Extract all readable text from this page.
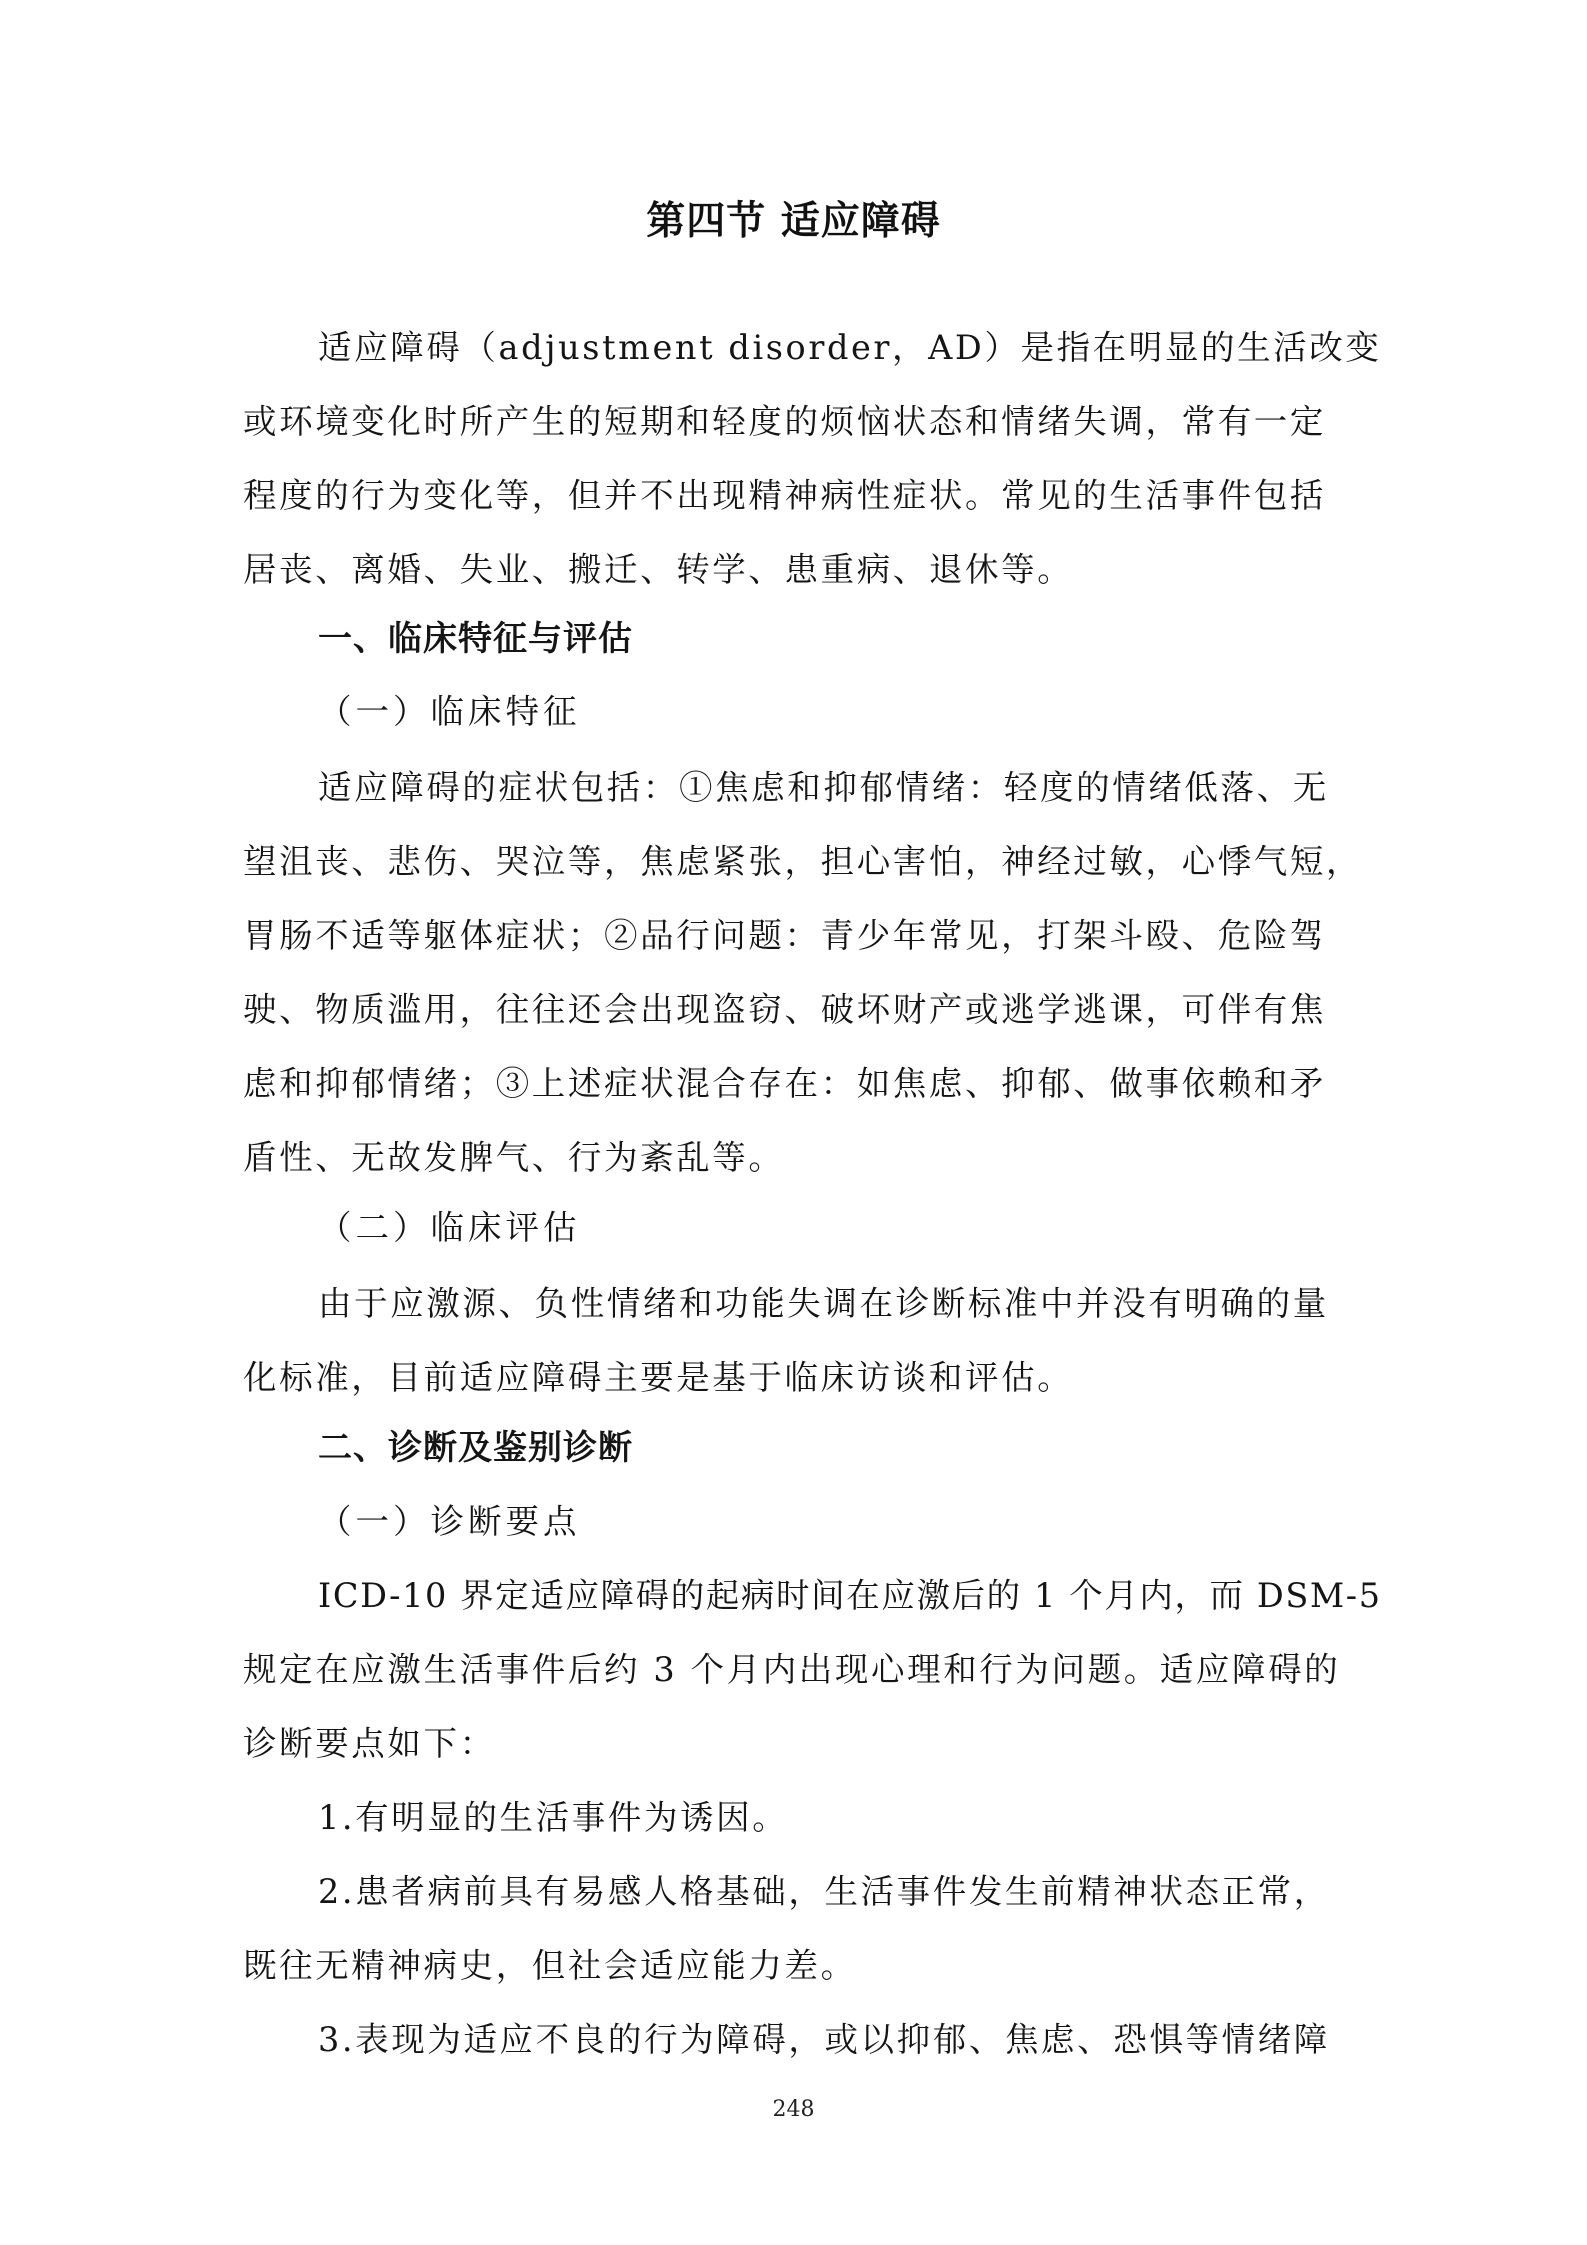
第四节 适应障碍
适应障碍（adjustment disorder，AD）是指在明显的生活改变
或环境变化时所产生的短期和轻度的烦恼状态和情绪失调，常有一定
程度的行为变化等，但并不出现精神病性症状。常见的生活事件包括
居丧、离婚、失业、搬迁、转学、患重病、退休等。
一、临床特征与评估
（一）临床特征
适应障碍的症状包括：①焦虑和抑郁情绪：轻度的情绪低落、无
望沮丧、悲伤、哭泣等，焦虑紧张，担心害怕，神经过敏，心悸气短，
胃肠不适等躯体症状；②品行问题：青少年常见，打架斗殴、危险驾
驶、物质滥用，往往还会出现盗窃、破坏财产或逃学逃课，可伴有焦
虑和抑郁情绪；③上述症状混合存在：如焦虑、抑郁、做事依赖和矛
盾性、无故发脾气、行为紊乱等。
（二）临床评估
由于应激源、负性情绪和功能失调在诊断标准中并没有明确的量
化标准，目前适应障碍主要是基于临床访谈和评估。
二、诊断及鉴别诊断
（一）诊断要点
ICD-10 界定适应障碍的起病时间在应激后的 1 个月内，而 DSM-5
规定在应激生活事件后约 3 个月内出现心理和行为问题。适应障碍的
诊断要点如下：
1.有明显的生活事件为诱因。
2.患者病前具有易感人格基础，生活事件发生前精神状态正常，
既往无精神病史，但社会适应能力差。
3.表现为适应不良的行为障碍，或以抑郁、焦虑、恐惧等情绪障
248
